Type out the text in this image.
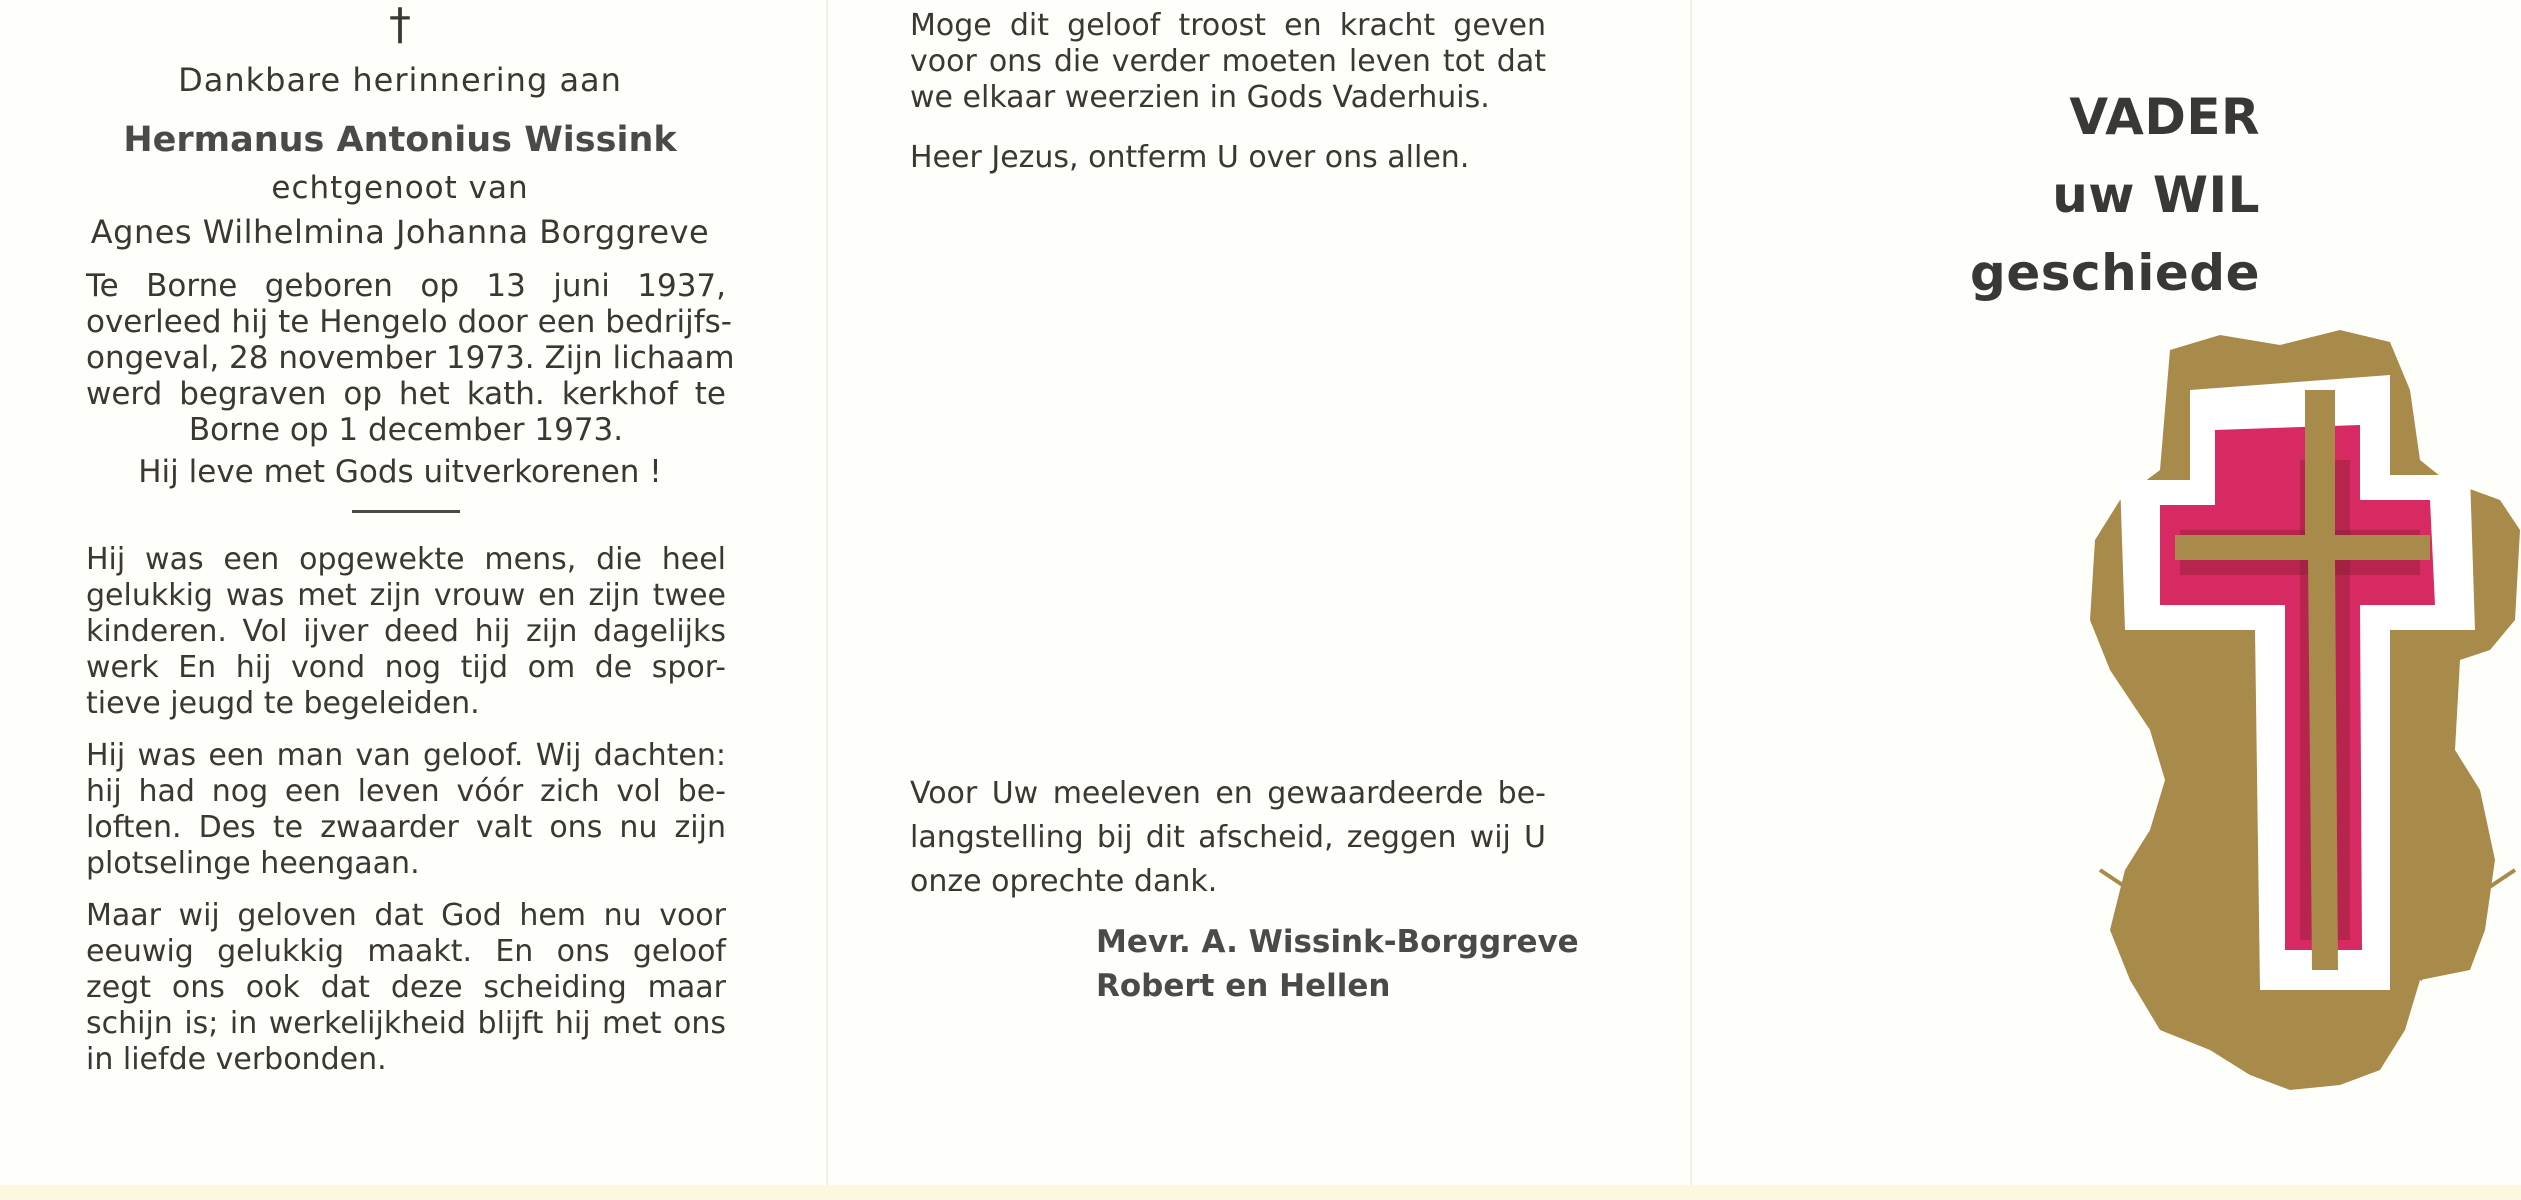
†

Dankbare herinnering aan

Hermanus Antonius Wissink

echtgenoot van

Agnes Wilhelmina Johanna Borggreve

Te Borne geboren op 13 juni 1937,
overleed hij te Hengelo door een bedrijfs-
ongeval, 28 november 1973. Zijn lichaam
werd begraven op het kath. kerkhof te
Borne op 1 december 1973.

Hij leve met Gods uitverkorenen !

Hij was een opgewekte mens, die heel
gelukkig was met zijn vrouw en zijn twee
kinderen. Vol ijver deed hij zijn dagelijks
werk En hij vond nog tijd om de spor-
tieve jeugd te begeleiden.
Hij was een man van geloof. Wij dachten:
hij had nog een leven vóór zich vol be-
loften. Des te zwaarder valt ons nu zijn
plotselinge heengaan.
Maar wij geloven dat God hem nu voor
eeuwig gelukkig maakt. En ons geloof
zegt ons ook dat deze scheiding maar
schijn is; in werkelijkheid blijft hij met ons
in liefde verbonden.
Moge dit geloof troost en kracht geven
voor ons die verder moeten leven tot dat
we elkaar weerzien in Gods Vaderhuis.
Heer Jezus, ontferm U over ons allen.
Voor Uw meeleven en gewaardeerde be-
langstelling bij dit afscheid, zeggen wij U
onze oprechte dank.
Mevr. A. Wissink-Borggreve
Robert en Hellen
VADER
uw WIL
geschiede
